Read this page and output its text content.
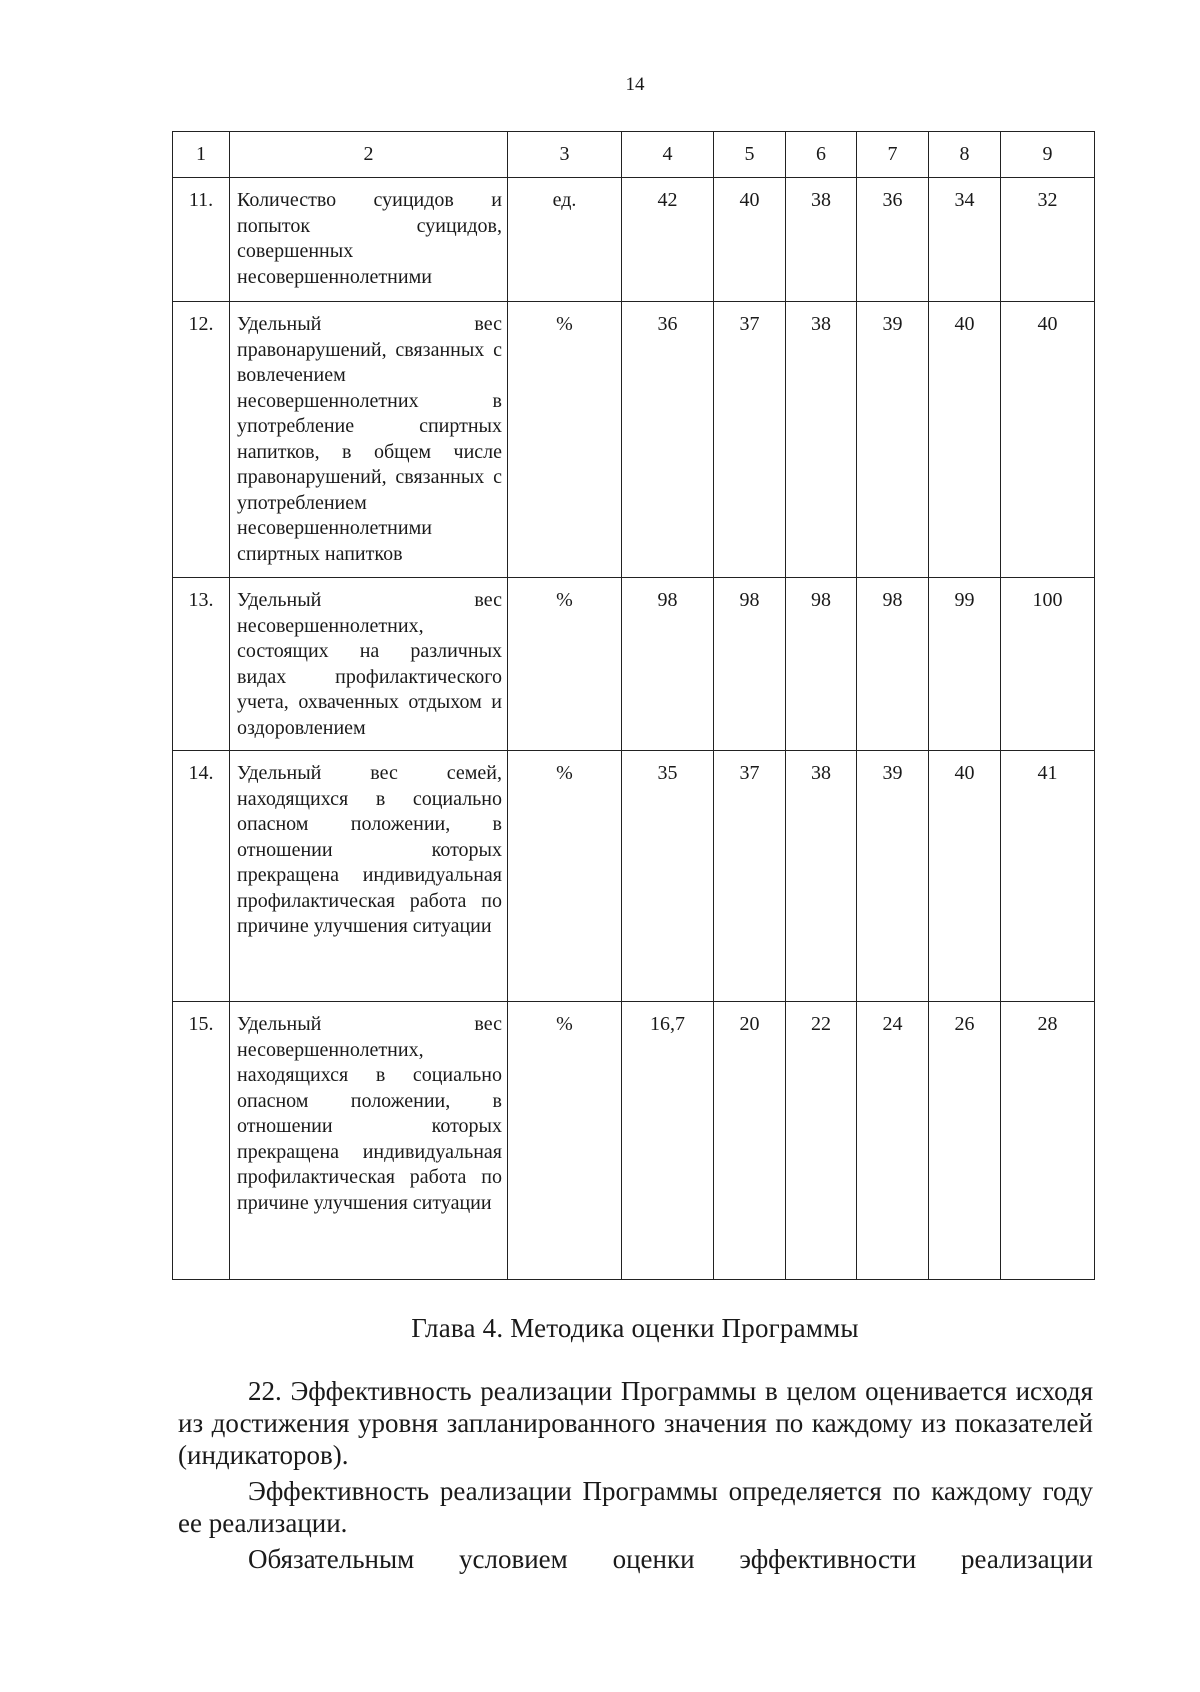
14
1	2	3	4	5	6	7	8	9
11.	Количество суицидов и попыток суицидов, совершенных несовершеннолетними	ед.	42	40	38	36	34	32
12.	Удельный вес правонарушений, связанных с вовлечением несовершеннолетних в употребление спиртных напитков, в общем числе правонарушений, связанных с употреблением несовершеннолетними спиртных напитков	%	36	37	38	39	40	40
13.	Удельный вес несовершеннолетних, состоящих на различных видах профилактического учета, охваченных отдыхом и оздоровлением	%	98	98	98	98	99	100
14.	Удельный вес семей, находящихся в социально опасном положении, в отношении которых прекращена индивидуальная профилактическая работа по причине улучшения ситуации	%	35	37	38	39	40	41
15.	Удельный вес несовершеннолетних, находящихся в социально опасном положении, в отношении которых прекращена индивидуальная профилактическая работа по причине улучшения ситуации	%	16,7	20	22	24	26	28
Глава 4. Методика оценки Программы

22. Эффективность реализации Программы в целом оценивается исходя из достижения уровня запланированного значения по каждому из показателей (индикаторов).

Эффективность реализации Программы определяется по каждому году ее реализации.

Обязательным условием оценки эффективности реализации
